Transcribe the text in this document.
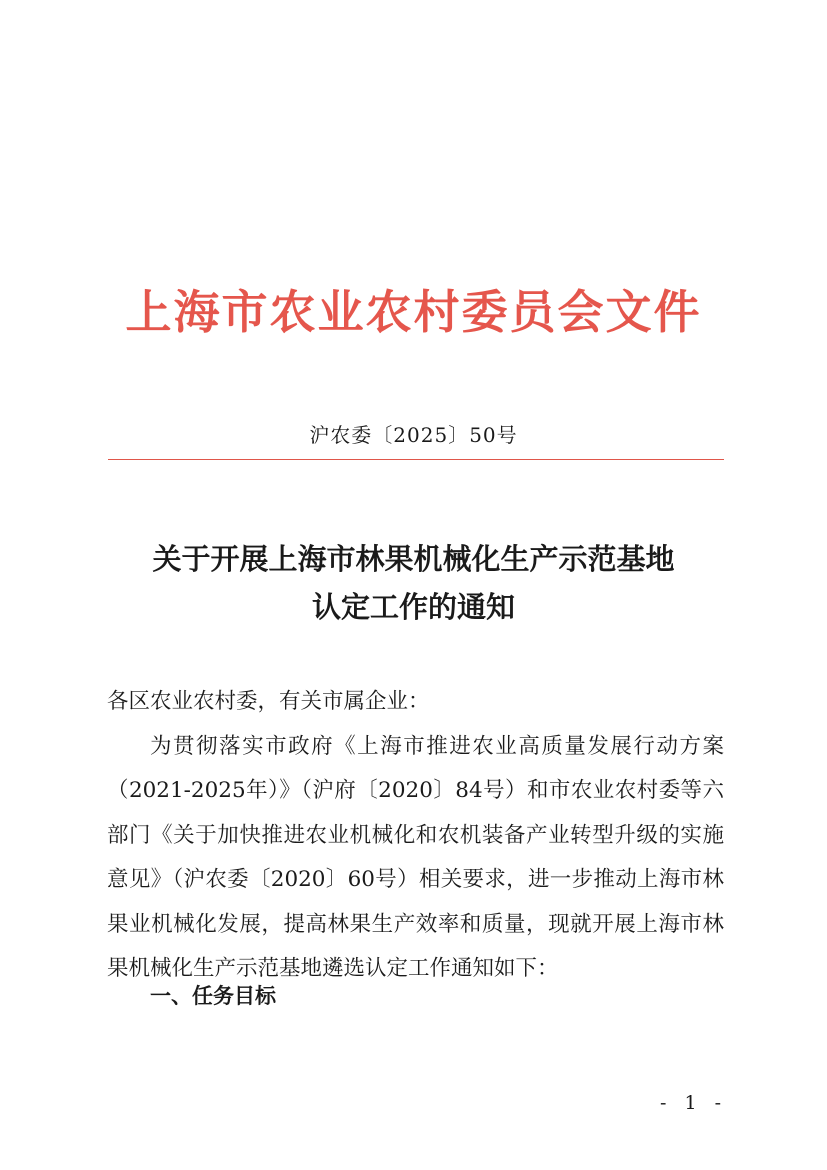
上海市农业农村委员会文件
沪农委〔2025〕50号
关于开展上海市林果机械化生产示范基地
认定工作的通知

各区农业农村委，有关市属企业：

为贯彻落实市政府《上海市推进农业高质量发展行动方案（2021-2025年）》（沪府〔2020〕84号）和市农业农村委等六部门《关于加快推进农业机械化和农机装备产业转型升级的实施意见》（沪农委〔2020〕60号）相关要求，进一步推动上海市林果业机械化发展，提高林果生产效率和质量，现就开展上海市林果机械化生产示范基地遴选认定工作通知如下：

一、任务目标
- 1 -
